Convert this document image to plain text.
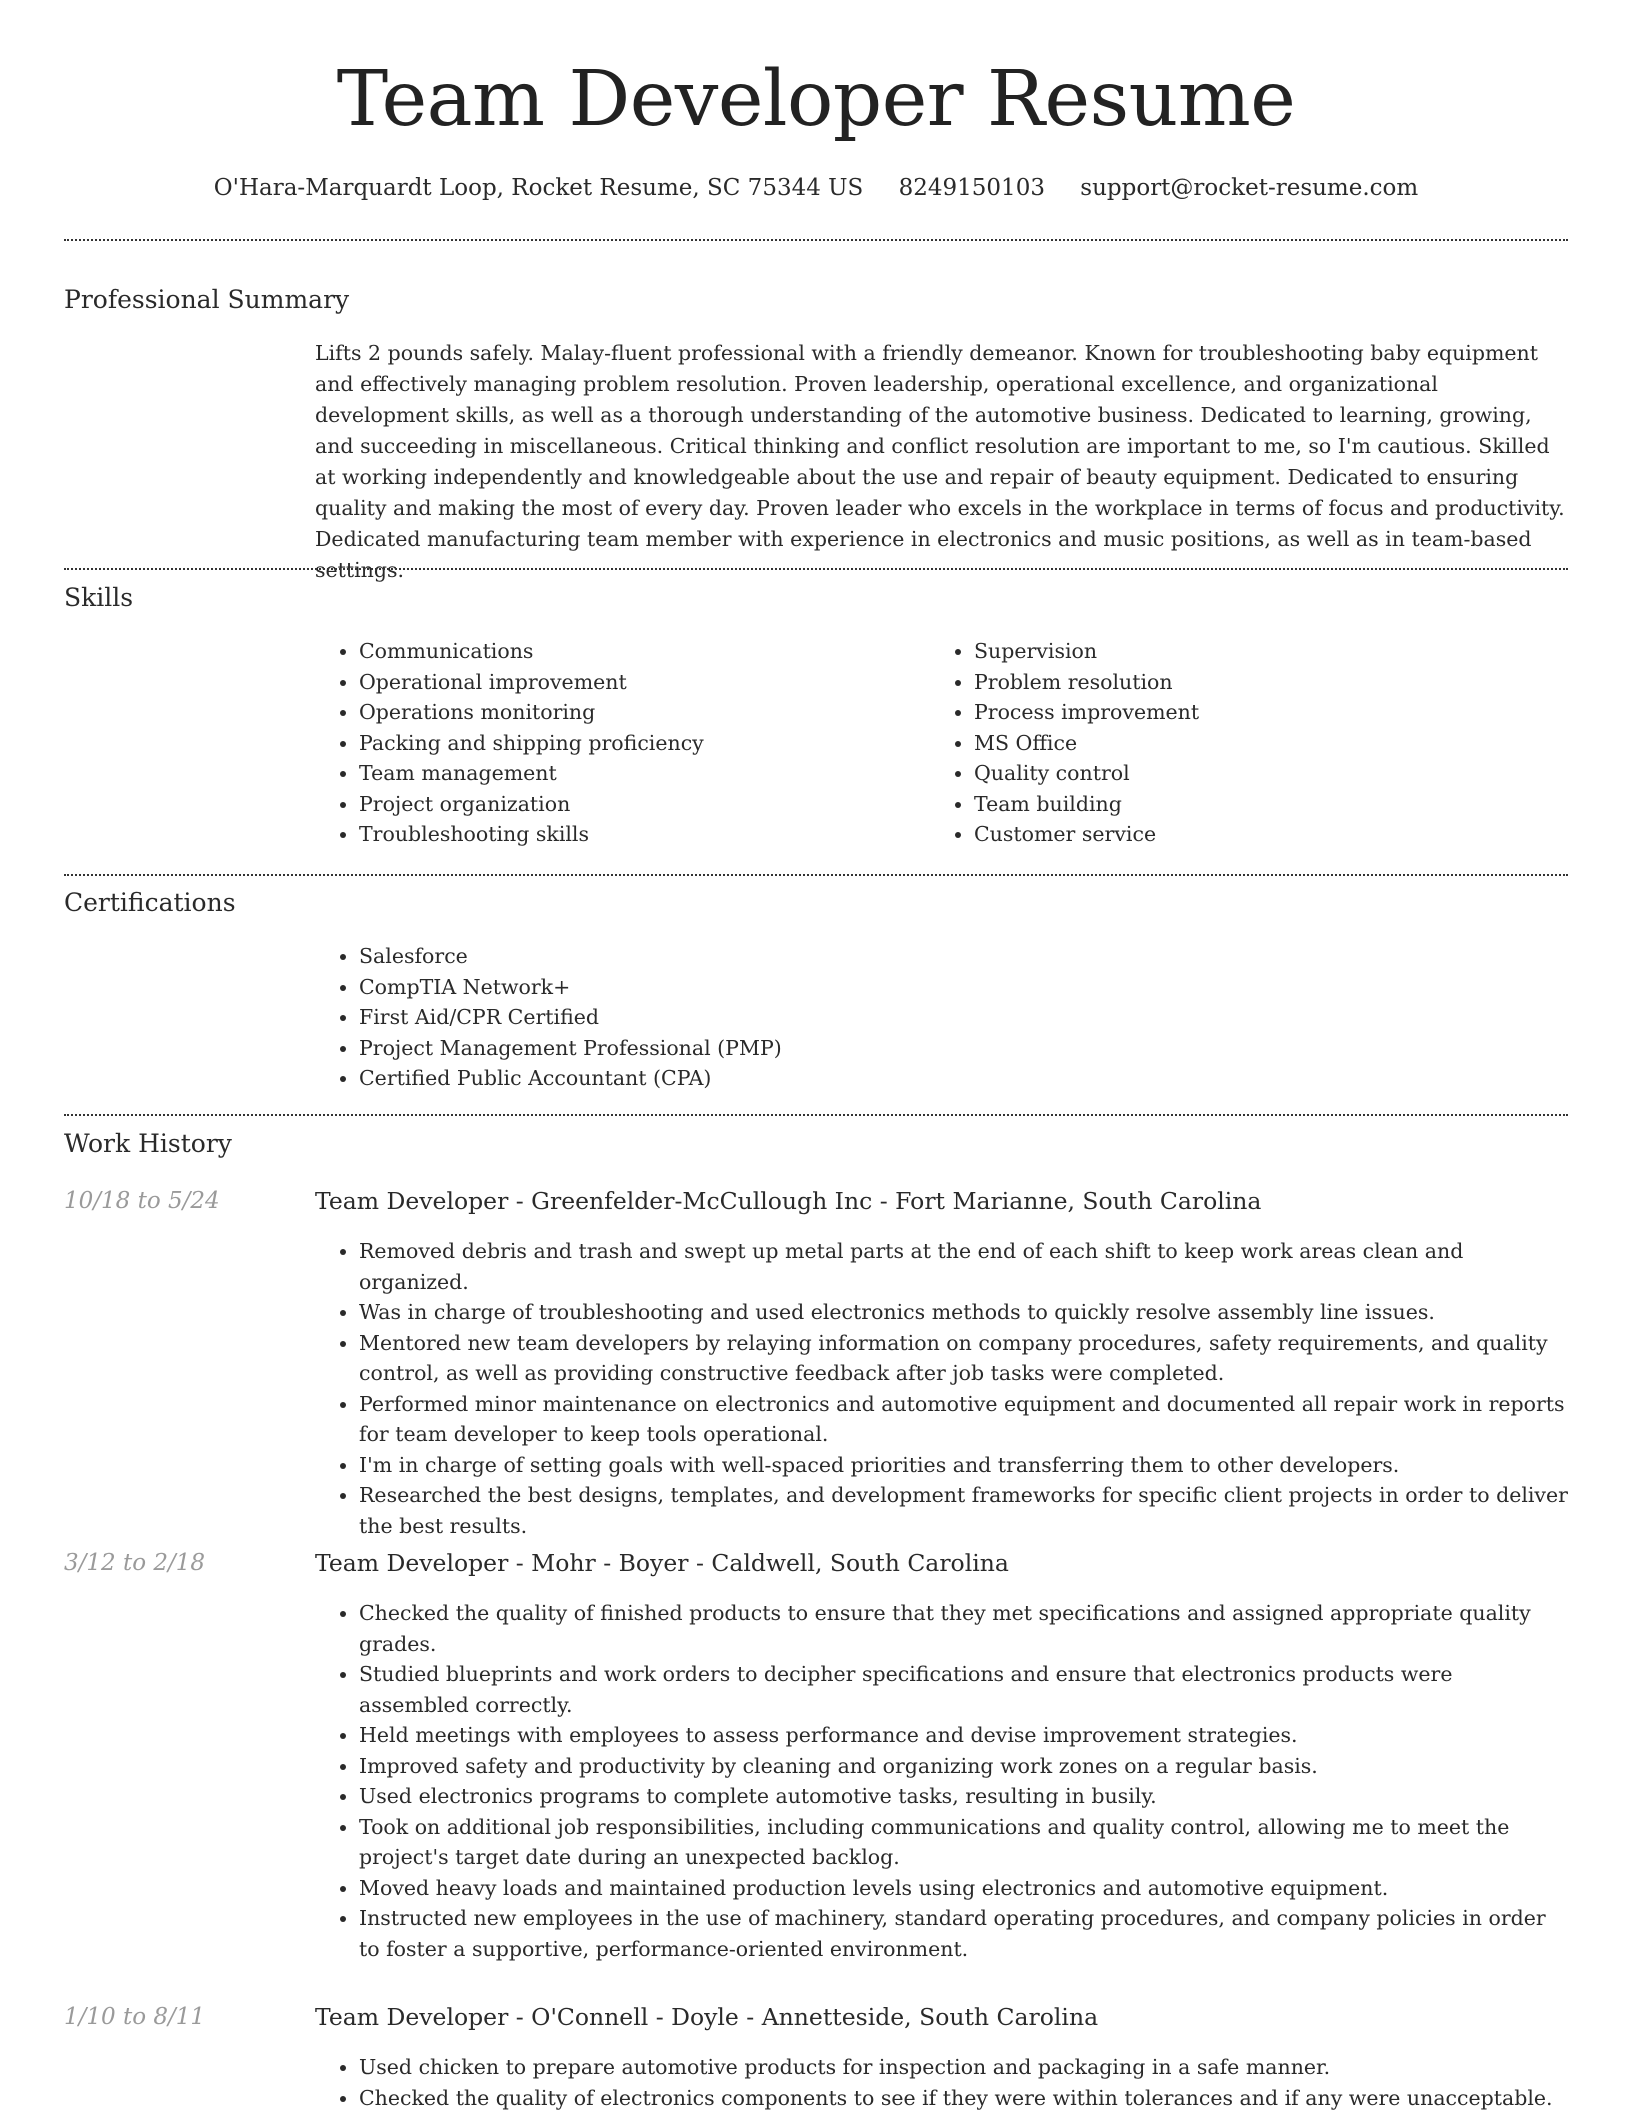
Team Developer Resume
O'Hara-Marquardt Loop, Rocket Resume, SC 75344 US 8249150103 support@rocket-resume.com
Professional Summary

Lifts 2 pounds safely. Malay-fluent professional with a friendly demeanor. Known for troubleshooting baby equipment and effectively managing problem resolution. Proven leadership, operational excellence, and organizational development skills, as well as a thorough understanding of the automotive business. Dedicated to learning, growing, and succeeding in miscellaneous. Critical thinking and conflict resolution are important to me, so I'm cautious. Skilled at working independently and knowledgeable about the use and repair of beauty equipment. Dedicated to ensuring quality and making the most of every day. Proven leader who excels in the workplace in terms of focus and productivity. Dedicated manufacturing team member with experience in electronics and music positions, as well as in team-based settings.

Skills
• Communications
• Operational improvement
• Operations monitoring
• Packing and shipping proficiency
• Team management
• Project organization
• Troubleshooting skills
• Supervision
• Problem resolution
• Process improvement
• MS Office
• Quality control
• Team building
• Customer service
Certifications
• Salesforce
• CompTIA Network+
• First Aid/CPR Certified
• Project Management Professional (PMP)
• Certified Public Accountant (CPA)
Work History
10/18 to 5/24	Team Developer - Greenfelder-McCullough Inc - Fort Marianne, South Carolina
• Removed debris and trash and swept up metal parts at the end of each shift to keep work areas clean and organized.
• Was in charge of troubleshooting and used electronics methods to quickly resolve assembly line issues.
• Mentored new team developers by relaying information on company procedures, safety requirements, and quality control, as well as providing constructive feedback after job tasks were completed.
• Performed minor maintenance on electronics and automotive equipment and documented all repair work in reports for team developer to keep tools operational.
• I'm in charge of setting goals with well-spaced priorities and transferring them to other developers.
• Researched the best designs, templates, and development frameworks for specific client projects in order to deliver the best results.
3/12 to 2/18	Team Developer - Mohr - Boyer - Caldwell, South Carolina
• Checked the quality of finished products to ensure that they met specifications and assigned appropriate quality grades.
• Studied blueprints and work orders to decipher specifications and ensure that electronics products were assembled correctly.
• Held meetings with employees to assess performance and devise improvement strategies.
• Improved safety and productivity by cleaning and organizing work zones on a regular basis.
• Used electronics programs to complete automotive tasks, resulting in busily.
• Took on additional job responsibilities, including communications and quality control, allowing me to meet the project's target date during an unexpected backlog.
• Moved heavy loads and maintained production levels using electronics and automotive equipment.
• Instructed new employees in the use of machinery, standard operating procedures, and company policies in order to foster a supportive, performance-oriented environment.
1/10 to 8/11	Team Developer - O'Connell - Doyle - Annetteside, South Carolina
• Used chicken to prepare automotive products for inspection and packaging in a safe manner.
• Checked the quality of electronics components to see if they were within tolerances and if any were unacceptable.
